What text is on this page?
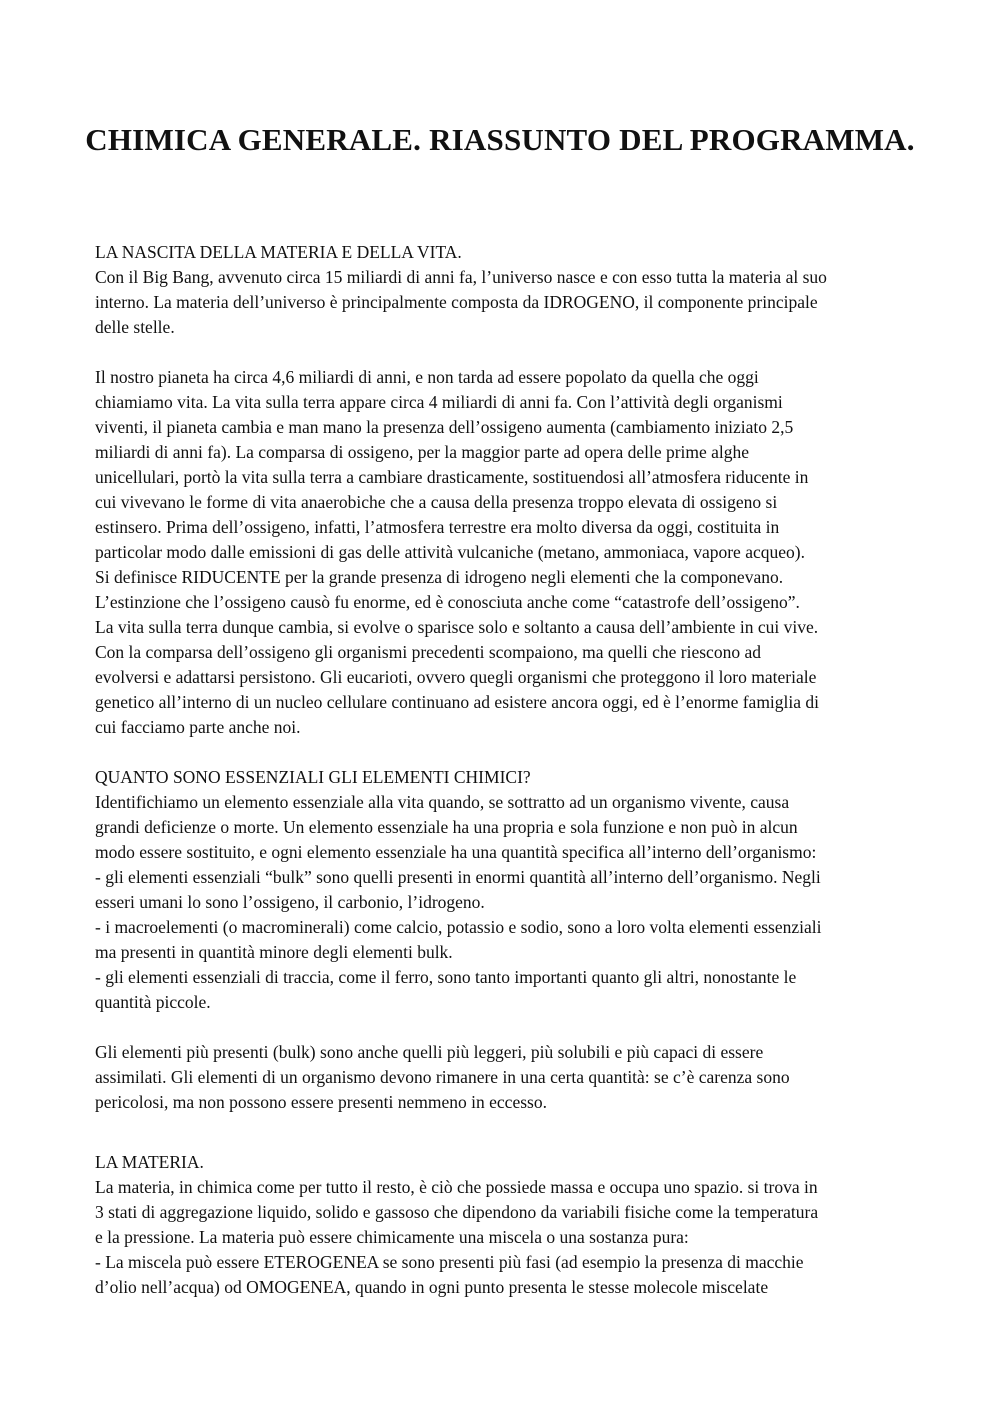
CHIMICA GENERALE. RIASSUNTO DEL PROGRAMMA.
LA NASCITA DELLA MATERIA E DELLA VITA.
Con il Big Bang, avvenuto circa 15 miliardi di anni fa, l’universo nasce e con esso tutta la materia al suo
interno. La materia dell’universo è principalmente composta da IDROGENO, il componente principale
delle stelle.
Il nostro pianeta ha circa 4,6 miliardi di anni, e non tarda ad essere popolato da quella che oggi
chiamiamo vita. La vita sulla terra appare circa 4 miliardi di anni fa. Con l’attività degli organismi
viventi, il pianeta cambia e man mano la presenza dell’ossigeno aumenta (cambiamento iniziato 2,5
miliardi di anni fa). La comparsa di ossigeno, per la maggior parte ad opera delle prime alghe
unicellulari, portò la vita sulla terra a cambiare drasticamente, sostituendosi all’atmosfera riducente in
cui vivevano le forme di vita anaerobiche che a causa della presenza troppo elevata di ossigeno si
estinsero. Prima dell’ossigeno, infatti, l’atmosfera terrestre era molto diversa da oggi, costituita in
particolar modo dalle emissioni di gas delle attività vulcaniche (metano, ammoniaca, vapore acqueo).
Si definisce RIDUCENTE per la grande presenza di idrogeno negli elementi che la componevano.
L’estinzione che l’ossigeno causò fu enorme, ed è conosciuta anche come “catastrofe dell’ossigeno”.
La vita sulla terra dunque cambia, si evolve o sparisce solo e soltanto a causa dell’ambiente in cui vive.
Con la comparsa dell’ossigeno gli organismi precedenti scompaiono, ma quelli che riescono ad
evolversi e adattarsi persistono. Gli eucarioti, ovvero quegli organismi che proteggono il loro materiale
genetico all’interno di un nucleo cellulare continuano ad esistere ancora oggi, ed è l’enorme famiglia di
cui facciamo parte anche noi.
QUANTO SONO ESSENZIALI GLI ELEMENTI CHIMICI?
Identifichiamo un elemento essenziale alla vita quando, se sottratto ad un organismo vivente, causa
grandi deficienze o morte. Un elemento essenziale ha una propria e sola funzione e non può in alcun
modo essere sostituito, e ogni elemento essenziale ha una quantità specifica all’interno dell’organismo:
- gli elementi essenziali “bulk” sono quelli presenti in enormi quantità all’interno dell’organismo. Negli
esseri umani lo sono l’ossigeno, il carbonio, l’idrogeno.
- i macroelementi (o macrominerali) come calcio, potassio e sodio, sono a loro volta elementi essenziali
ma presenti in quantità minore degli elementi bulk.
- gli elementi essenziali di traccia, come il ferro, sono tanto importanti quanto gli altri, nonostante le
quantità piccole.
Gli elementi più presenti (bulk) sono anche quelli più leggeri, più solubili e più capaci di essere
assimilati. Gli elementi di un organismo devono rimanere in una certa quantità: se c’è carenza sono
pericolosi, ma non possono essere presenti nemmeno in eccesso.
LA MATERIA.
La materia, in chimica come per tutto il resto, è ciò che possiede massa e occupa uno spazio. si trova in
3 stati di aggregazione liquido, solido e gassoso che dipendono da variabili fisiche come la temperatura
e la pressione. La materia può essere chimicamente una miscela o una sostanza pura:
- La miscela può essere ETEROGENEA se sono presenti più fasi (ad esempio la presenza di macchie
d’olio nell’acqua) od OMOGENEA, quando in ogni punto presenta le stesse molecole miscelate
